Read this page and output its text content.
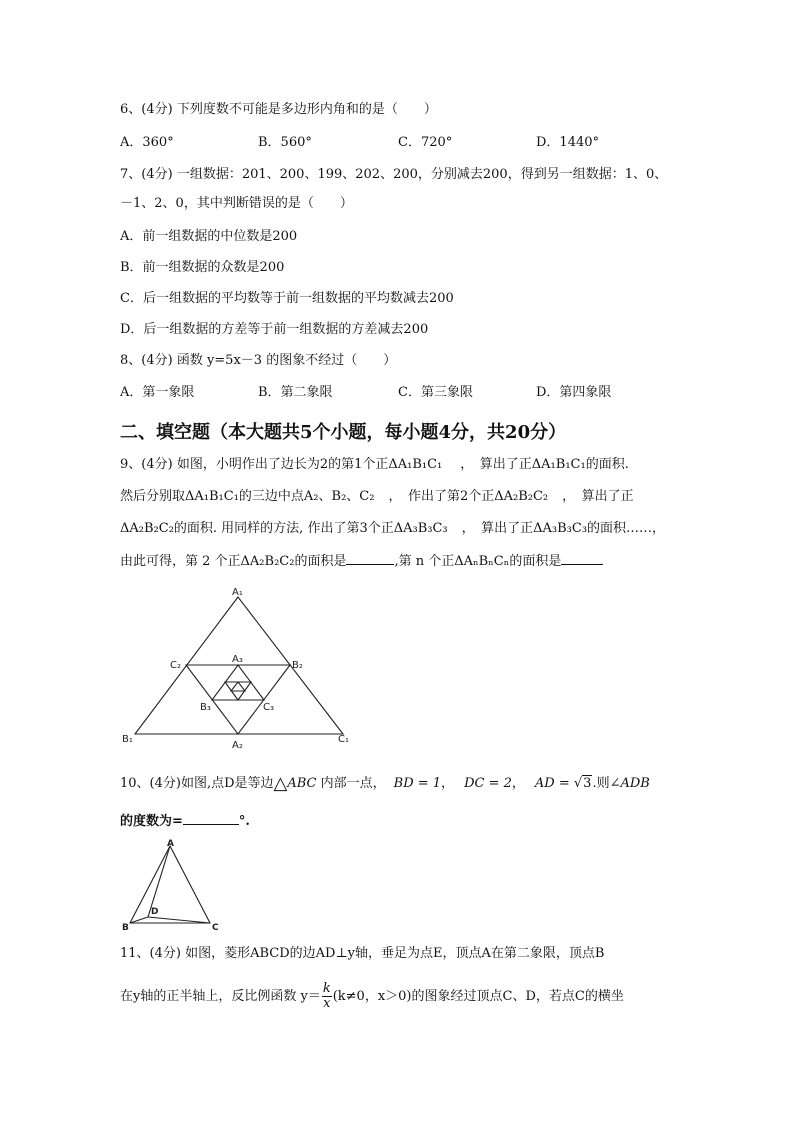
6、(4分) 下列度数不可能是多边形内角和的是（　　）
A．360°	B．560°	C．720°	D．1440°
7、(4分) 一组数据：201、200、199、202、200，分别减去200，得到另一组数据：1、0、
－1、2、0，其中判断错误的是（　　）
A．前一组数据的中位数是200
B．前一组数据的众数是200
C．后一组数据的平均数等于前一组数据的平均数减去200
D．后一组数据的方差等于前一组数据的方差减去200
8、(4分) 函数 y=5x－3 的图象不经过（　　）
A．第一象限	B．第二象限	C．第三象限	D．第四象限
二、填空题（本大题共5个小题，每小题4分，共20分）
9、(4分) 如图，小明作出了边长为2的第1个正ΔA₁B₁C₁ ，　算出了正ΔA₁B₁C₁的面积.
然后分别取ΔA₁B₁C₁的三边中点A₂、B₂、C₂ ，　作出了第2个正ΔA₂B₂C₂ ，　算出了正
ΔA₂B₂C₂的面积. 用同样的方法, 作出了第3个正ΔA₃B₃C₃ ，　算出了正ΔA₃B₃C₃的面积……，
由此可得，第 2 个正ΔA₂B₂C₂的面积是	,第 n 个正ΔAₙBₙCₙ的面积是
A₁
B₁	C₁
C₂	B₂
A₂
A₃
B₃	C₃
10、(4分)如图,点D是等边△ABC 内部一点， BD = 1， DC = 2， AD = √3.则∠ADB
的度数为=	°.
A
B	C
D
11、(4分) 如图，菱形ABCD的边AD⊥y轴，垂足为点E，顶点A在第二象限，顶点B
在y轴的正半轴上，反比例函数 $y= \frac{k}{x} (k\ne 0$，x＞0)的图象经过顶点C、D，若点C的横坐
